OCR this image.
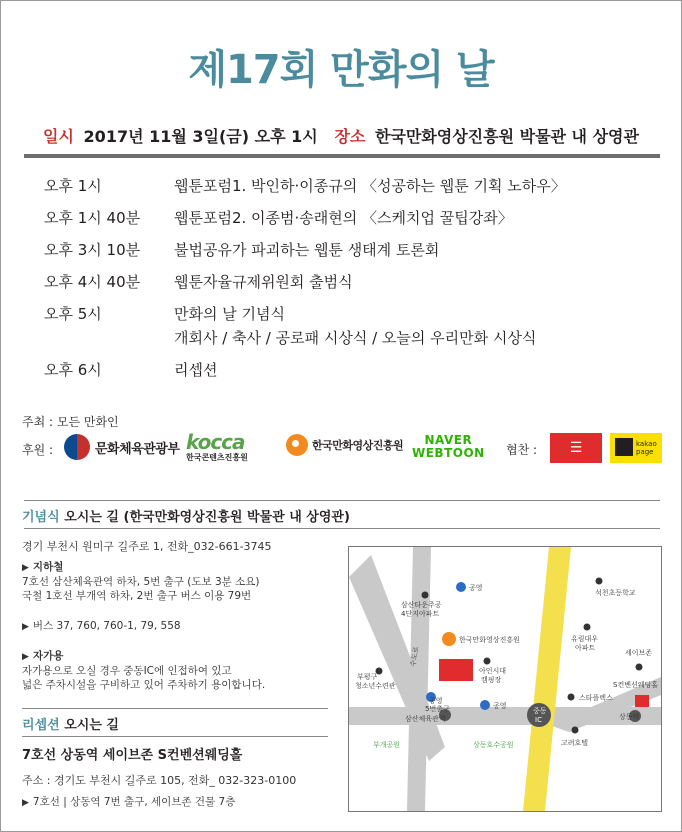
제17회 만화의 날
일시 2017년 11월 3일(금) 오후 1시 장소 한국만화영상진흥원 박물관 내 상영관
오후 1시	웹툰포럼1. 박인하·이종규의 〈성공하는 웹툰 기획 노하우〉
오후 1시 40분	웹툰포럼2. 이종범·송래현의 〈스케치업 꿀팁강좌〉
오후 3시 10분	불법공유가 파괴하는 웹툰 생태계 토론회
오후 4시 40분	웹툰자율규제위원회 출범식
오후 5시	만화의 날 기념식
개회사 / 축사 / 공로패 시상식 / 오늘의 우리만화 시상식
오후 6시	리셉션
주최 : 모든 만화인
후원 :	문화체육관광부 kocca
한국콘텐츠진흥원
한국만화영상진흥원 NAVER
WEBTOON 협찬 : ☰	kakao
page
기념식 오시는 길 (한국만화영상진흥원 박물관 내 상영관)
경기 부천시 원미구 길주로 1, 전화_032-661-3745
▶ 지하철
7호선 삼산체육관역 하차, 5번 출구 (도보 3분 소요)
국철 1호선 부개역 하차, 2번 출구 버스 이용 79번
▶ 버스 37, 760, 760-1, 79, 558
▶ 자가용
자가용으로 오실 경우 중동IC에 인접하여 있고
넓은 주차시설을 구비하고 있어 주차하기 용이합니다.
리셉션 오시는 길
7호선 상동역 세이브존 S컨벤션웨딩홀
주소 : 경기도 부천시 길주로 105, 전화_ 032-323-0100
▶ 7호선 | 상동역 7번 출구, 세이브존 건물 7층
공영
삼산타운주공
4단지아파트
석천초등학교
한국만화영상진흥원
아인시대
캠핑장
유림대우
아파트
세이브존
S컨벤션웨딩홀
부평구
청소년수련관
공영
5번출구	공영
스타플렉스
고려호텔
수도로
중동
IC
삼산체육관역	상동역
부개공원	상동호수공원
